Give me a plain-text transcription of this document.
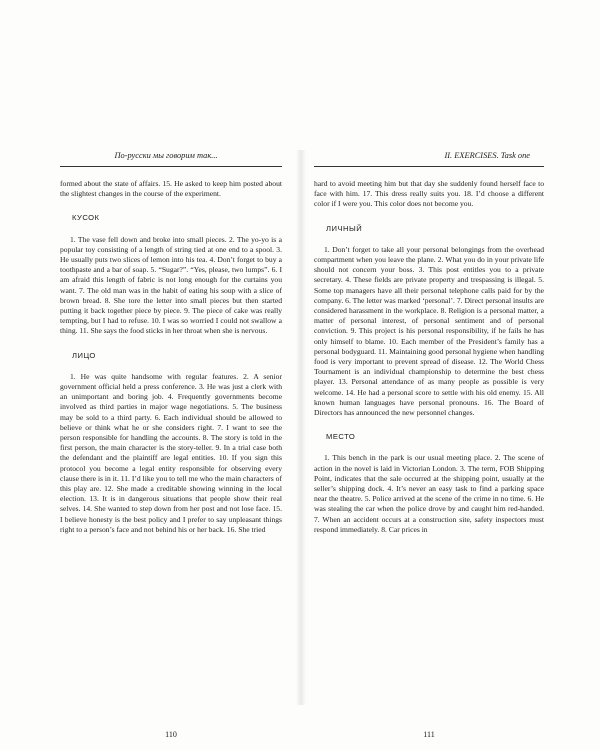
По-русски мы говорим так...

formed about the state of affairs. 15. He asked to keep him posted about the slightest changes in the course of the experiment.

КУСОК

1. The vase fell down and broke into small pieces. 2. The yo-yo is a popular toy consisting of a length of string tied at one end to a spool. 3. He usually puts two slices of lemon into his tea. 4. Don’t forget to buy a toothpaste and a bar of soap. 5. “Sugar?”. “Yes, please, two lumps”. 6. I am afraid this length of fabric is not long enough for the curtains you want. 7. The old man was in the habit of eating his soup with a slice of brown bread. 8. She tore the letter into small pieces but then started putting it back together piece by piece. 9. The piece of cake was really tempting, but I had to refuse. 10. I was so worried I could not swallow a thing. 11. She says the food sticks in her throat when she is nervous.

ЛИЦО

1. He was quite handsome with regular features. 2. A senior government official held a press conference. 3. He was just a clerk with an unimportant and boring job. 4. Frequently governments become involved as third parties in major wage negotiations. 5. The business may be sold to a third party. 6. Each individual should be allowed to believe or think what he or she considers right. 7. I want to see the person responsible for handling the accounts. 8. The story is told in the first person, the main character is the story-teller. 9. In a trial case both the defendant and the plaintiff are legal entities. 10. If you sign this protocol you become a legal entity responsible for observing every clause there is in it. 11. I’d like you to tell me who the main characters of this play are. 12. She made a creditable showing winning in the local election. 13. It is in dangerous situations that people show their real selves. 14. She wanted to step down from her post and not lose face. 15. I believe honesty is the best policy and I prefer to say unpleasant things right to a person’s face and not behind his or her back. 16. She tried

110
II. EXERCISES. Task one

hard to avoid meeting him but that day she suddenly found herself face to face with him. 17. This dress really suits you. 18. I’d choose a different color if I were you. This color does not become you.

ЛИЧНЫЙ

1. Don’t forget to take all your personal belongings from the overhead compartment when you leave the plane. 2. What you do in your private life should not concern your boss. 3. This post entitles you to a private secretary. 4. These fields are private property and trespassing is illegal. 5. Some top managers have all their personal telephone calls paid for by the company. 6. The letter was marked ‘personal’. 7. Direct personal insults are considered harassment in the workplace. 8. Religion is a personal matter, a matter of personal interest, of personal sentiment and of personal conviction. 9. This project is his personal responsibility, if he fails he has only himself to blame. 10. Each member of the President’s family has a personal bodyguard. 11. Maintaining good personal hygiene when handling food is very important to prevent spread of disease. 12. The World Chess Tournament is an individual championship to determine the best chess player. 13. Personal attendance of as many people as possible is very welcome. 14. He had a personal score to settle with his old enemy. 15. All known human languages have personal pronouns. 16. The Board of Directors has announced the new personnel changes.

МЕСТО

1. This bench in the park is our usual meeting place. 2. The scene of action in the novel is laid in Victorian London. 3. The term, FOB Shipping Point, indicates that the sale occurred at the shipping point, usually at the seller’s shipping dock. 4. It’s never an easy task to find a parking space near the theatre. 5. Police arrived at the scene of the crime in no time. 6. He was stealing the car when the police drove by and caught him red-handed. 7. When an accident occurs at a construction site, safety inspectors must respond immediately. 8. Car prices in

111
